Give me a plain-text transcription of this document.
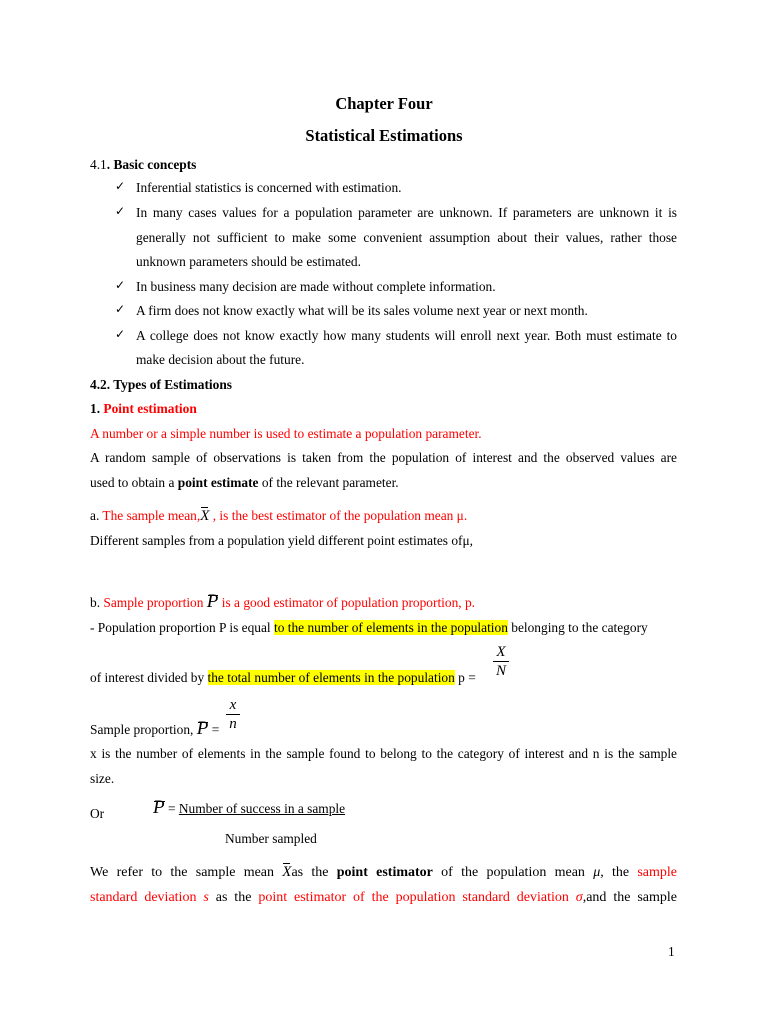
Chapter Four
Statistical Estimations
4.1. Basic concepts
✓ Inferential statistics is concerned with estimation.
✓ In many cases values for a population parameter are unknown. If parameters are unknown it is
generally not sufficient to make some convenient assumption about their values, rather those
unknown parameters should be estimated.
✓ In business many decision are made without complete information.
✓ A firm does not know exactly what will be its sales volume next year or next month.
✓ A college does not know exactly how many students will enroll next year. Both must estimate to
make decision about the future.
4.2. Types of Estimations
1. Point estimation
A number or a simple number is used to estimate a population parameter.
A random sample of observations is taken from the population of interest and the observed values are
used to obtain a point estimate of the relevant parameter.
a. The sample mean,X , is the best estimator of the population mean μ.
Different samples from a population yield different point estimates ofμ,
b. Sample proportion P is a good estimator of population proportion, p.
- Population proportion P is equal to the number of elements in the population belonging to the category
of interest divided by the total number of elements in the population p =
X
N
Sample proportion, P =
x
n
x is the number of elements in the sample found to belong to the category of interest and n is the sample
size.
Or	P = Number of success in a sample
Number sampled
We refer to the sample mean Xas the point estimator of the population mean μ, the sample
standard deviation s as the point estimator of the population standard deviation σ,and the sample
1
